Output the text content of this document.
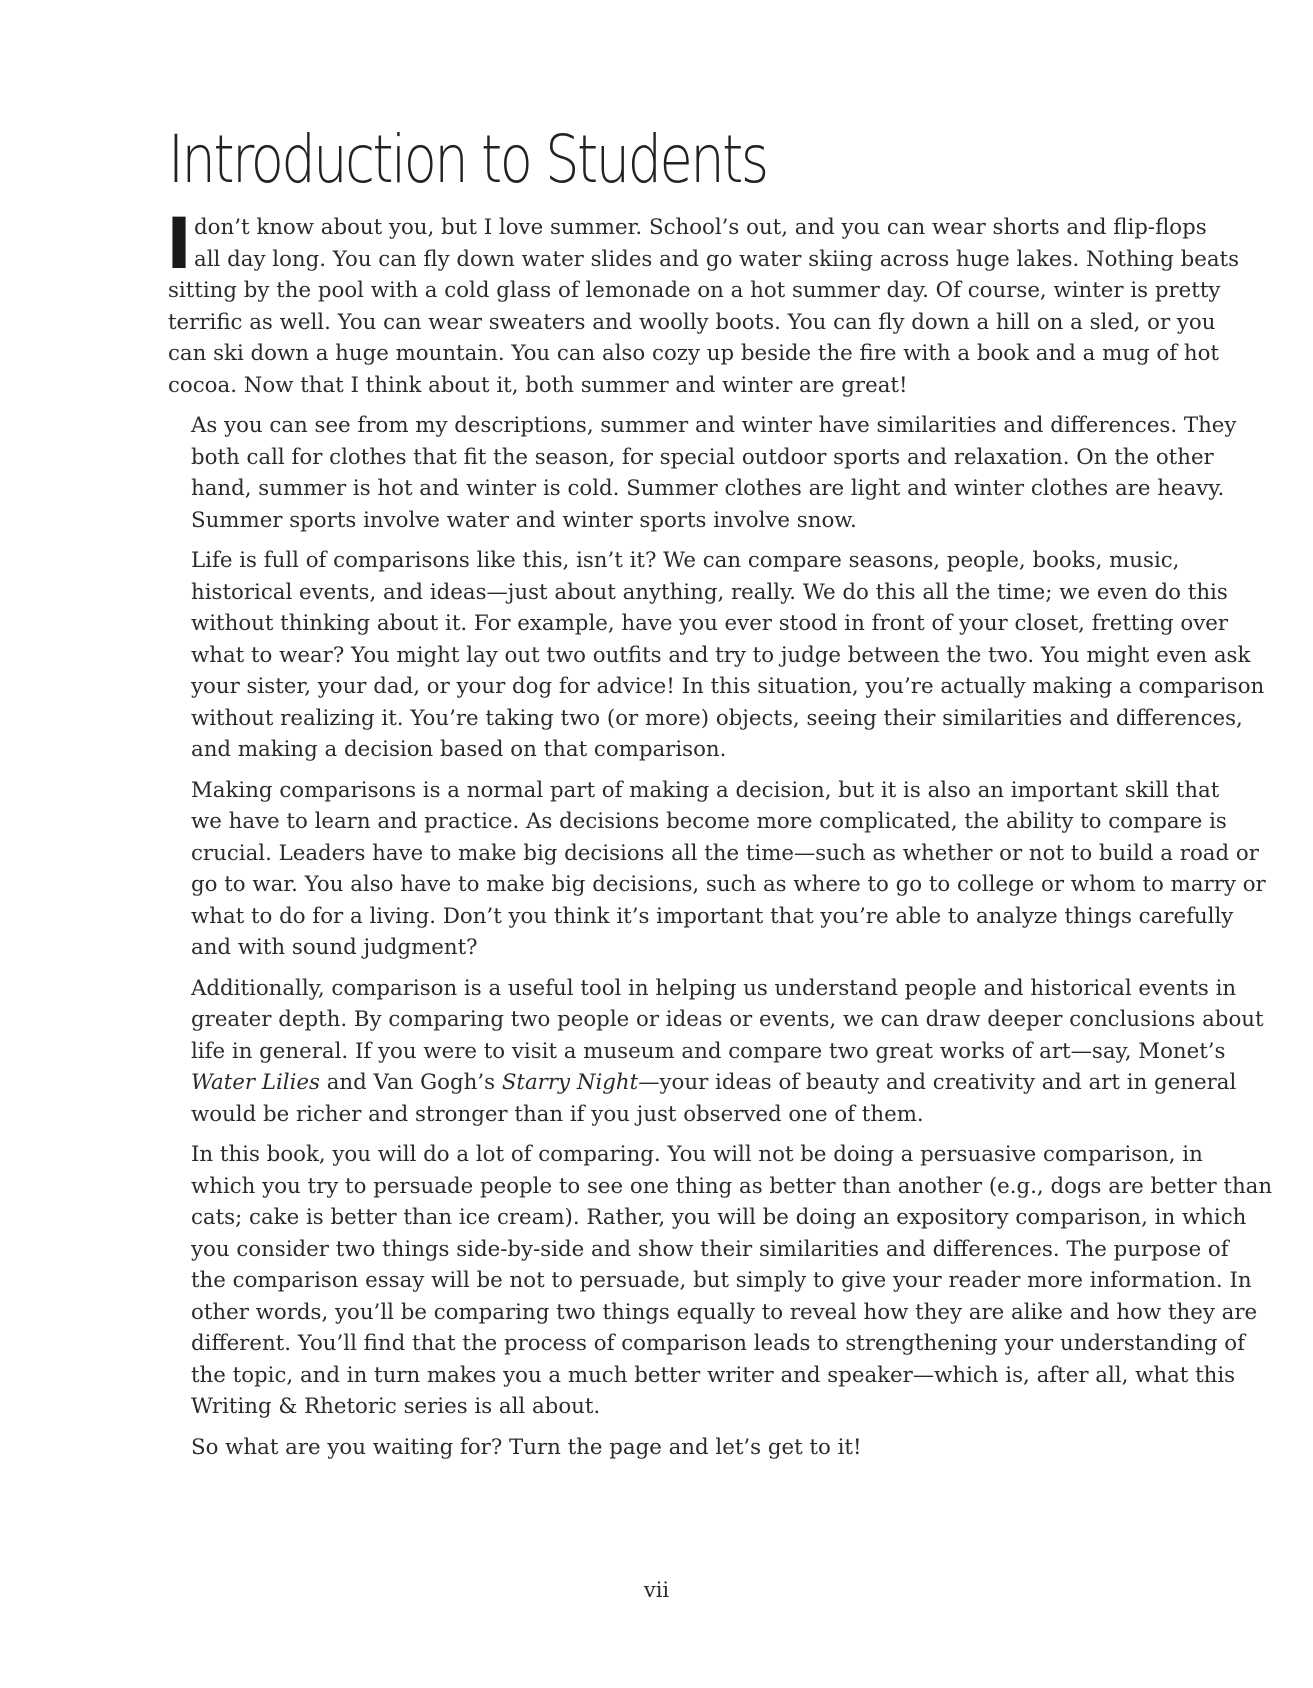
Introduction to Students

I don’t know about you, but I love summer. School’s out, and you can wear shorts and flip-flops
all day long. You can fly down water slides and go water skiing across huge lakes. Nothing beats
sitting by the pool with a cold glass of lemonade on a hot summer day. Of course, winter is pretty
terrific as well. You can wear sweaters and woolly boots. You can fly down a hill on a sled, or you
can ski down a huge mountain. You can also cozy up beside the fire with a book and a mug of hot
cocoa. Now that I think about it, both summer and winter are great!

As you can see from my descriptions, summer and winter have similarities and differences. They
both call for clothes that fit the season, for special outdoor sports and relaxation. On the other
hand, summer is hot and winter is cold. Summer clothes are light and winter clothes are heavy.
Summer sports involve water and winter sports involve snow.

Life is full of comparisons like this, isn’t it? We can compare seasons, people, books, music,
historical events, and ideas—just about anything, really. We do this all the time; we even do this
without thinking about it. For example, have you ever stood in front of your closet, fretting over
what to wear? You might lay out two outfits and try to judge between the two. You might even ask
your sister, your dad, or your dog for advice! In this situation, you’re actually making a comparison
without realizing it. You’re taking two (or more) objects, seeing their similarities and differences,
and making a decision based on that comparison.

Making comparisons is a normal part of making a decision, but it is also an important skill that
we have to learn and practice. As decisions become more complicated, the ability to compare is
crucial. Leaders have to make big decisions all the time—such as whether or not to build a road or
go to war. You also have to make big decisions, such as where to go to college or whom to marry or
what to do for a living. Don’t you think it’s important that you’re able to analyze things carefully
and with sound judgment?

Additionally, comparison is a useful tool in helping us understand people and historical events in
greater depth. By comparing two people or ideas or events, we can draw deeper conclusions about
life in general. If you were to visit a museum and compare two great works of art—say, Monet’s
Water Lilies and Van Gogh’s Starry Night—your ideas of beauty and creativity and art in general
would be richer and stronger than if you just observed one of them.

In this book, you will do a lot of comparing. You will not be doing a persuasive comparison, in
which you try to persuade people to see one thing as better than another (e.g., dogs are better than
cats; cake is better than ice cream). Rather, you will be doing an expository comparison, in which
you consider two things side-by-side and show their similarities and differences. The purpose of
the comparison essay will be not to persuade, but simply to give your reader more information. In
other words, you’ll be comparing two things equally to reveal how they are alike and how they are
different. You’ll find that the process of comparison leads to strengthening your understanding of
the topic, and in turn makes you a much better writer and speaker—which is, after all, what this
Writing & Rhetoric series is all about.

So what are you waiting for? Turn the page and let’s get to it!

vii
